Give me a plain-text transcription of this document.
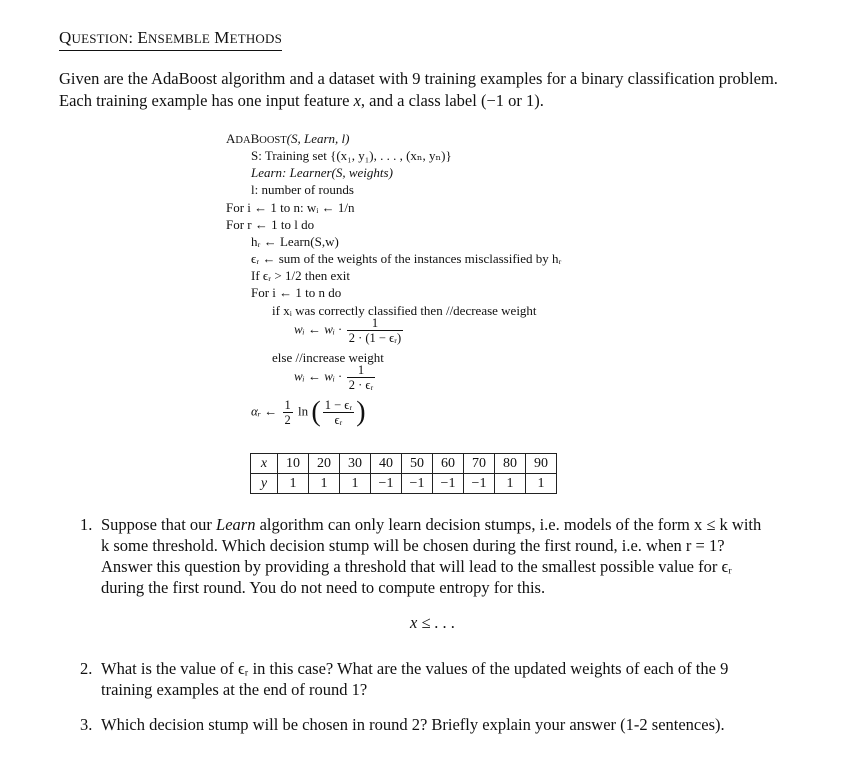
QUESTION: ENSEMBLE METHODS
Given are the AdaBoost algorithm and a dataset with 9 training examples for a binary classification problem. Each training example has one input feature x, and a class label (−1 or 1).
ADABOOST(S, Learn, l)
S: Training set {(x₁, y₁), . . . , (xₙ, yₙ)}
Learn: Learner(S, weights)
l: number of rounds
For i ← 1 to n: wᵢ ← 1/n
For r ← 1 to l do
hᵣ ← Learn(S,w)
ϵᵣ ← sum of the weights of the instances misclassified by hᵣ
If ϵᵣ > 1/2 then exit
For i ← 1 to n do
if xᵢ was correctly classified then //decrease weight
wᵢ ← wᵢ · $\frac{1}{\text{2 · (1 − ϵᵣ)}}$
else //increase weight
wᵢ ← wᵢ · $\frac{1}{\text{2 · ϵᵣ}}$
αᵣ ← $\frac{1}{2}$ ln ( $\frac{\text{1 − ϵᵣ}}{\text{ϵᵣ}}$ )
x	10	20	30	40	50	60	70	80	90
y	1	1	1	−1	−1	−1	−1	1	1
1. Suppose that our Learn algorithm can only learn decision stumps, i.e. models of the form x ≤ k with k some threshold. Which decision stump will be chosen during the first round, i.e. when r = 1? Answer this question by providing a threshold that will lead to the smallest possible value for ϵᵣ during the first round. You do not need to compute entropy for this.
x ≤ . . .
2. What is the value of ϵᵣ in this case? What are the values of the updated weights of each of the 9 training examples at the end of round 1?
3. Which decision stump will be chosen in round 2? Briefly explain your answer (1-2 sentences).
